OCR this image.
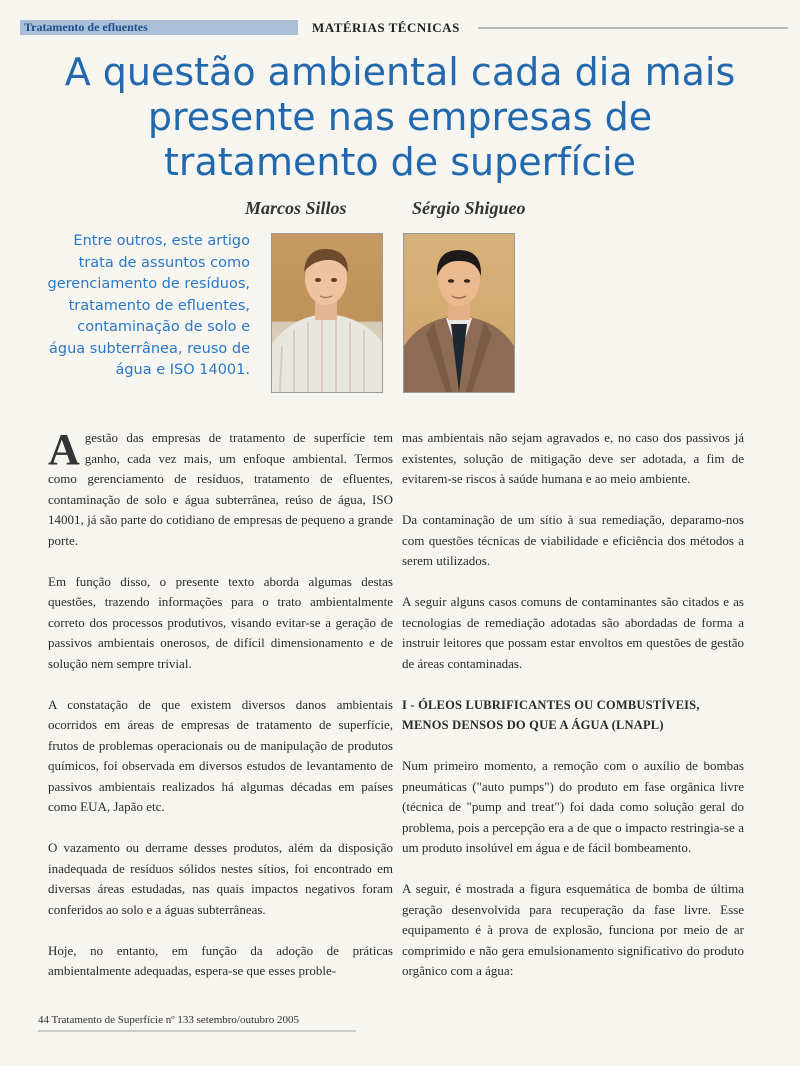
Tratamento de efluentes	MATÉRIAS TÉCNICAS
A questão ambiental cada dia mais presente nas empresas de tratamento de superfície
Marcos Sillos	Sérgio Shigueo

Entre outros, este artigo trata de assuntos como gerenciamento de resíduos, tratamento de efluentes, contaminação de solo e água subterrânea, reuso de água e ISO 14001.

Agestão das empresas de tratamento de superfície tem ganho, cada vez mais, um enfoque ambiental. Termos como gerenciamento de resíduos, tratamento de efluentes, contaminação de solo e água subterrânea, reúso de água, ISO 14001, já são parte do cotidiano de empresas de pequeno a grande porte.

Em função disso, o presente texto aborda algumas destas questões, trazendo informações para o trato ambientalmente correto dos processos produtivos, visando evitar-se a geração de passivos ambientais onerosos, de difícil dimensionamento e de solução nem sempre trivial.

A constatação de que existem diversos danos ambientais ocorridos em áreas de empresas de tratamento de superfície, frutos de problemas operacionais ou de manipulação de produtos químicos, foi observada em diversos estudos de levantamento de passivos ambientais realizados há algumas décadas em países como EUA, Japão etc.

O vazamento ou derrame desses produtos, além da disposição inadequada de resíduos sólidos nestes sítios, foi encontrado em diversas áreas estudadas, nas quais impactos negativos foram conferidos ao solo e a águas subterrâneas.

Hoje, no entanto, em função da adoção de práticas ambientalmente adequadas, espera-se que esses proble-

mas ambientais não sejam agravados e, no caso dos passivos já existentes, solução de mitigação deve ser adotada, a fim de evitarem-se riscos à saúde humana e ao meio ambiente.

Da contaminação de um sítio à sua remediação, deparamo-nos com questões técnicas de viabilidade e eficiência dos métodos a serem utilizados.

A seguir alguns casos comuns de contaminantes são citados e as tecnologias de remediação adotadas são abordadas de forma a instruir leitores que possam estar envoltos em questões de gestão de áreas contaminadas.

I - ÓLEOS LUBRIFICANTES OU COMBUSTÍVEIS, MENOS DENSOS DO QUE A ÁGUA (LNAPL)

Num primeiro momento, a remoção com o auxílio de bombas pneumáticas ("auto pumps") do produto em fase orgânica livre (técnica de "pump and treat") foi dada como solução geral do problema, pois a percepção era a de que o impacto restringia-se a um produto insolúvel em água e de fácil bombeamento.

A seguir, é mostrada a figura esquemática de bomba de última geração desenvolvida para recuperação da fase livre. Esse equipamento é à prova de explosão, funciona por meio de ar comprimido e não gera emulsionamento significativo do produto orgânico com a água:

44 Tratamento de Superfície nº 133 setembro/outubro 2005
